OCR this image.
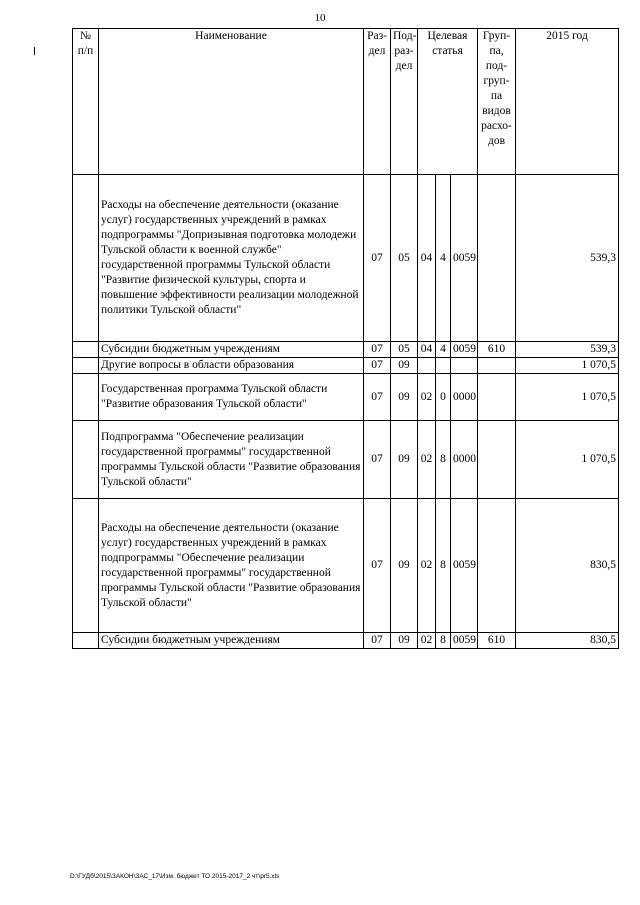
10
№ п/п	Наименование	Раз- дел	Под- раз- дел	Целевая статья			Груп- па, под- груп- па видов расхо- дов	2015 год
	Расходы на обеспечение деятельности (оказание услуг) государственных учреждений в рамках подпрограммы "Допризывная подготовка молодежи Тульской области к военной службе" государственной программы Тульской области "Развитие физической культуры, спорта и повышение эффективности реализации молодежной политики Тульской области"	07	05	04	4	0059		539,3
	Субсидии бюджетным учреждениям	07	05	04	4	0059	610	539,3
	Другие вопросы в области образования	07	09					1 070,5
	Государственная программа Тульской области "Развитие образования Тульской области"	07	09	02	0	0000		1 070,5
	Подпрограмма "Обеспечение реализации государственной программы" государственной программы Тульской области "Развитие образования Тульской области"	07	09	02	8	0000		1 070,5
	Расходы на обеспечение деятельности (оказание услуг) государственных учреждений в рамках подпрограммы "Обеспечение реализации государственной программы" государственной программы Тульской области "Развитие образования Тульской области"	07	09	02	8	0059		830,5
	Субсидии бюджетным учреждениям	07	09	02	8	0059	610	830,5
D:\ГУДб\2015\ЗАКОН\ЗАС_17\Изм. бюджет ТО 2015-2017_2 чт\pr5.xls
